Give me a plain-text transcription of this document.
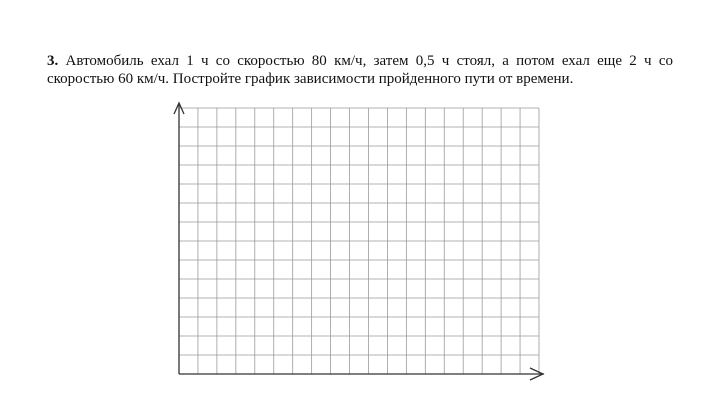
3. Автомобиль ехал 1 ч со скоростью 80 км/ч, затем 0,5 ч стоял, а потом ехал еще 2 ч со скоростью 60 км/ч. Постройте график зависимости пройденного пути от времени.
